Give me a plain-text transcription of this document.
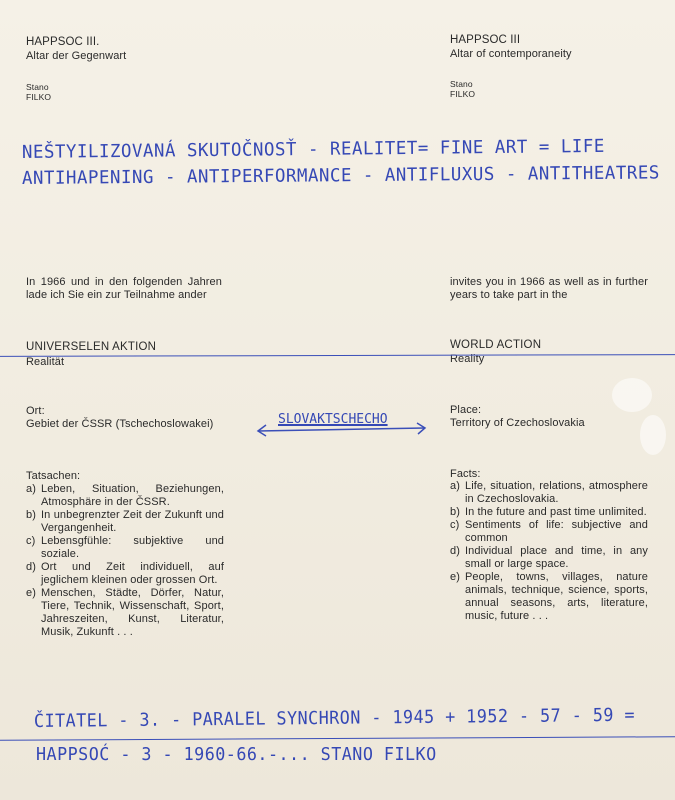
HAPPSOC III.
Altar der Gegenwart
Stano
FILKO
HAPPSOC III
Altar of contemporaneity
Stano
FILKO
NEŠTYILIZOVANÁ SKUTOČNOSŤ - REALITET= FINE ART = LIFE
ANTIHAPENING - ANTIPERFORMANCE - ANTIFLUXUS - ANTITHEATRES
In 1966 und in den folgenden Jahren lade ich Sie ein zur Teilnahme ander
UNIVERSELEN AKTION
Realität
Ort:
Gebiet der ČSSR (Tschechoslowakei)
Tatsachen:
a) Leben, Situation, Beziehungen, Atmosphäre in der ČSSR.
b) In unbegrenzter Zeit der Zukunft und Vergangenheit.
c) Lebensgfühle: subjektive und soziale.
d) Ort und Zeit individuell, auf jeglichem kleinen oder grossen Ort.
e) Menschen, Städte, Dörfer, Natur, Tiere, Technik, Wissenschaft, Sport, Jahreszeiten, Kunst, Literatur, Musik, Zukunft . . .
invites you in 1966 as well as in further years to take part in the
WORLD ACTION
Reality
Place:
Territory of Czechoslovakia
Facts:
a) Life, situation, relations, atmosphere in Czechoslovakia.
b) In the future and past time unlimited.
c) Sentiments of life: subjective and common
d) Individual place and time, in any small or large space.
e) People, towns, villages, nature animals, technique, science, sports, annual seasons, arts, literature, music, future . . .
SLOVAKTSCHECHO
ČITATEL - 3. - PARALEL SYNCHRON - 1945 + 1952 - 57 - 59 =
HAPPSOĆ - 3 - 1960-66.-... STANO FILKO
